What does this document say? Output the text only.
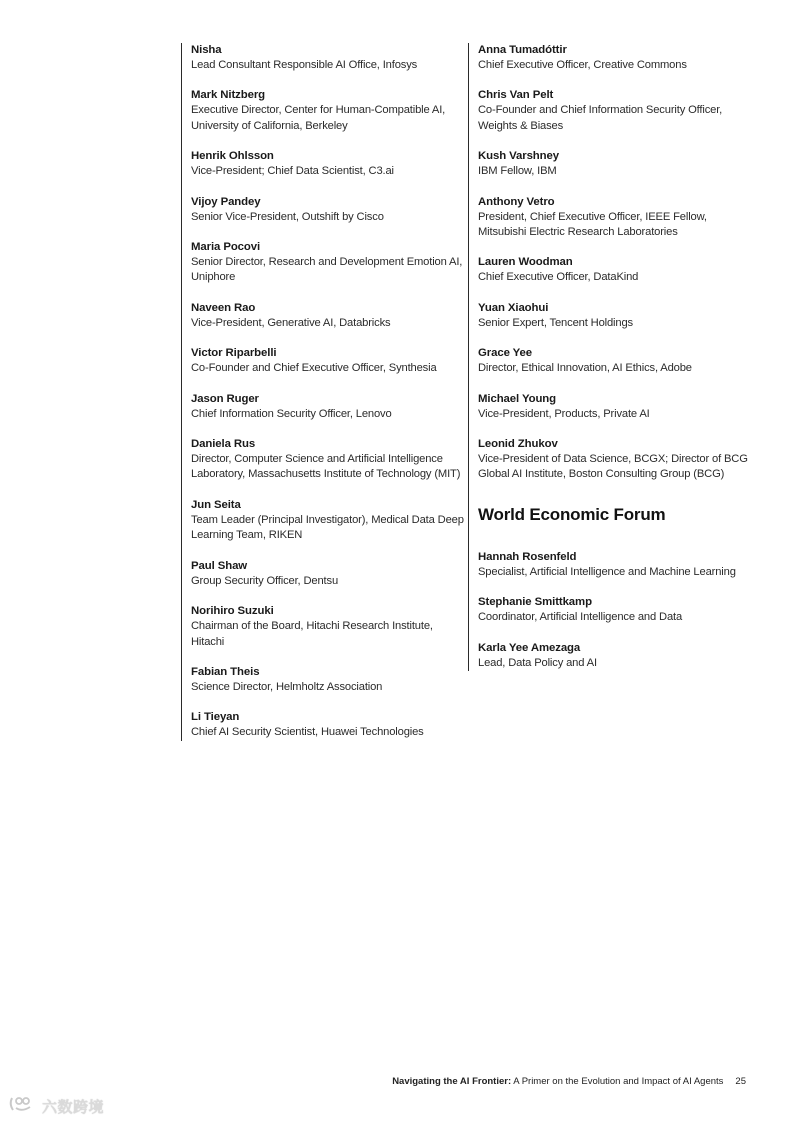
Nisha
Lead Consultant Responsible AI Office, Infosys
Mark Nitzberg
Executive Director, Center for Human-Compatible AI, University of California, Berkeley
Henrik Ohlsson
Vice-President; Chief Data Scientist, C3.ai
Vijoy Pandey
Senior Vice-President, Outshift by Cisco
Maria Pocovi
Senior Director, Research and Development Emotion AI, Uniphore
Naveen Rao
Vice-President, Generative AI, Databricks
Victor Riparbelli
Co-Founder and Chief Executive Officer, Synthesia
Jason Ruger
Chief Information Security Officer, Lenovo
Daniela Rus
Director, Computer Science and Artificial Intelligence Laboratory, Massachusetts Institute of Technology (MIT)
Jun Seita
Team Leader (Principal Investigator), Medical Data Deep Learning Team, RIKEN
Paul Shaw
Group Security Officer, Dentsu
Norihiro Suzuki
Chairman of the Board, Hitachi Research Institute, Hitachi
Fabian Theis
Science Director, Helmholtz Association
Li Tieyan
Chief AI Security Scientist, Huawei Technologies
Anna Tumadóttir
Chief Executive Officer, Creative Commons
Chris Van Pelt
Co-Founder and Chief Information Security Officer, Weights & Biases
Kush Varshney
IBM Fellow, IBM
Anthony Vetro
President, Chief Executive Officer, IEEE Fellow, Mitsubishi Electric Research Laboratories
Lauren Woodman
Chief Executive Officer, DataKind
Yuan Xiaohui
Senior Expert, Tencent Holdings
Grace Yee
Director, Ethical Innovation, AI Ethics, Adobe
Michael Young
Vice-President, Products, Private AI
Leonid Zhukov
Vice-President of Data Science, BCGX; Director of BCG Global AI Institute, Boston Consulting Group (BCG)
World Economic Forum
Hannah Rosenfeld
Specialist, Artificial Intelligence and Machine Learning
Stephanie Smittkamp
Coordinator, Artificial Intelligence and Data
Karla Yee Amezaga
Lead, Data Policy and AI
Navigating the AI Frontier: A Primer on the Evolution and Impact of AI Agents 25
六数跨境
